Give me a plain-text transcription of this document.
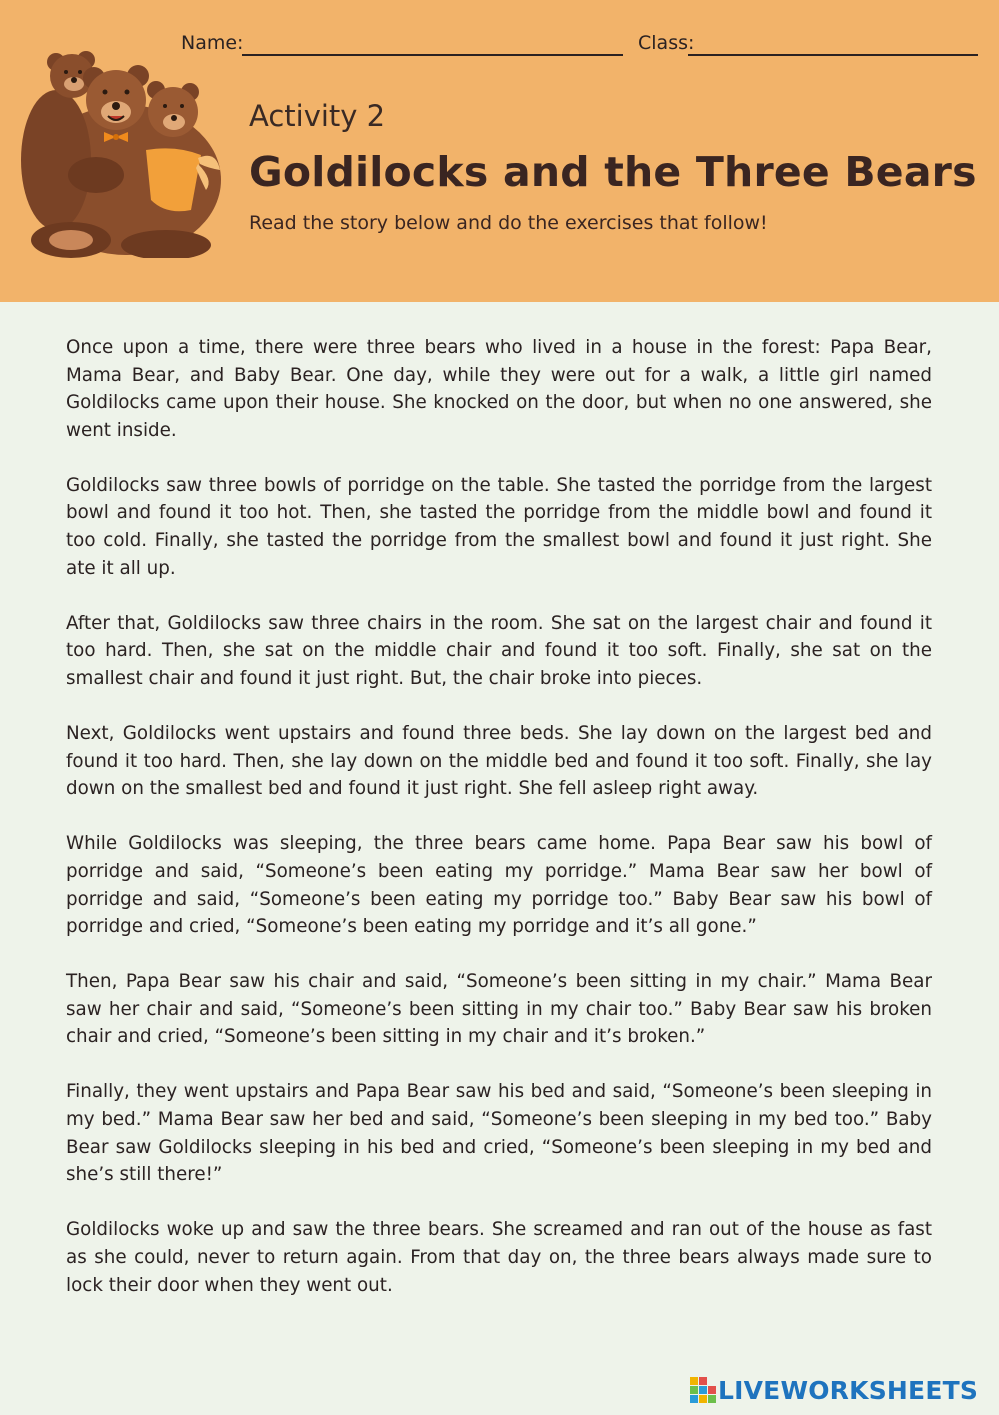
Name:	Class:
Activity 2
Goldilocks and the Three Bears
Read the story below and do the exercises that follow!

Once upon a time, there were three bears who lived in a house in the forest: Papa Bear, Mama Bear, and Baby Bear. One day, while they were out for a walk, a little girl named Goldilocks came upon their house. She knocked on the door, but when no one answered, she went inside.

Goldilocks saw three bowls of porridge on the table. She tasted the porridge from the largest bowl and found it too hot. Then, she tasted the porridge from the middle bowl and found it too cold. Finally, she tasted the porridge from the smallest bowl and found it just right. She ate it all up.

After that, Goldilocks saw three chairs in the room. She sat on the largest chair and found it too hard. Then, she sat on the middle chair and found it too soft. Finally, she sat on the smallest chair and found it just right. But, the chair broke into pieces.

Next, Goldilocks went upstairs and found three beds. She lay down on the largest bed and found it too hard. Then, she lay down on the middle bed and found it too soft. Finally, she lay down on the smallest bed and found it just right. She fell asleep right away.

While Goldilocks was sleeping, the three bears came home. Papa Bear saw his bowl of porridge and said, “Someone’s been eating my porridge.” Mama Bear saw her bowl of porridge and said, “Someone’s been eating my porridge too.” Baby Bear saw his bowl of porridge and cried, “Someone’s been eating my porridge and it’s all gone.”

Then, Papa Bear saw his chair and said, “Someone’s been sitting in my chair.” Mama Bear saw her chair and said, “Someone’s been sitting in my chair too.” Baby Bear saw his broken chair and cried, “Someone’s been sitting in my chair and it’s broken.”

Finally, they went upstairs and Papa Bear saw his bed and said, “Someone’s been sleeping in my bed.” Mama Bear saw her bed and said, “Someone’s been sleeping in my bed too.” Baby Bear saw Goldilocks sleeping in his bed and cried, “Someone’s been sleeping in my bed and she’s still there!”

Goldilocks woke up and saw the three bears. She screamed and ran out of the house as fast as she could, never to return again. From that day on, the three bears always made sure to lock their door when they went out.

LIVEWORKSHEETS
